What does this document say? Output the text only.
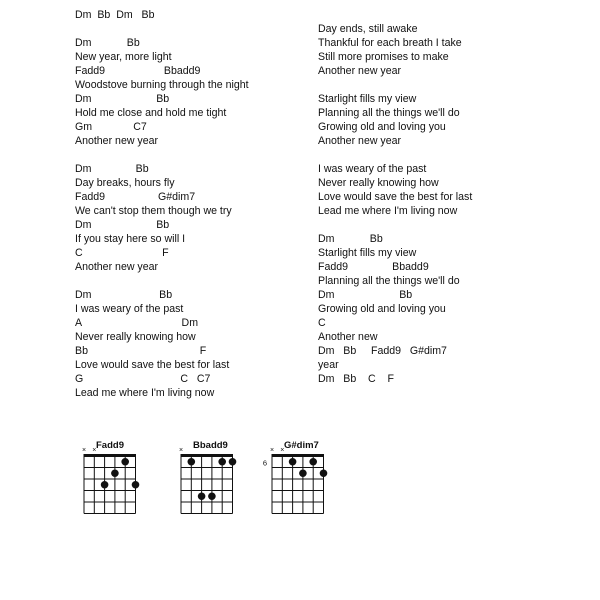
Dm  Bb  Dm   Bb
Dm            Bb
New year, more light
Fadd9                    Bbadd9
Woodstove burning through the night
Dm                      Bb
Hold me close and hold me tight
Gm              C7
Another new year
Dm               Bb
Day breaks, hours fly
Fadd9                  G#dim7
We can't stop them though we try
Dm                      Bb
If you stay here so will I
C                           F
Another new year
Dm                       Bb
I was weary of the past
A                                  Dm
Never really knowing how
Bb                                      F
Love would save the best for last
G                                 C   C7
Lead me where I'm living now
Day ends, still awake
Thankful for each breath I take
Still more promises to make
Another new year
Starlight fills my view
Planning all the things we'll do
Growing old and loving you
Another new year
I was weary of the past
Never really knowing how
Love would save the best for last
Lead me where I'm living now
Dm            Bb
Starlight fills my view
Fadd9               Bbadd9
Planning all the things we'll do
Dm                      Bb
Growing old and loving you
C
Another new
Dm   Bb     Fadd9   G#dim7
year
Dm   Bb    C    F
Fadd9
× ×	Bbadd9
×	G#dim7
× ×
6
